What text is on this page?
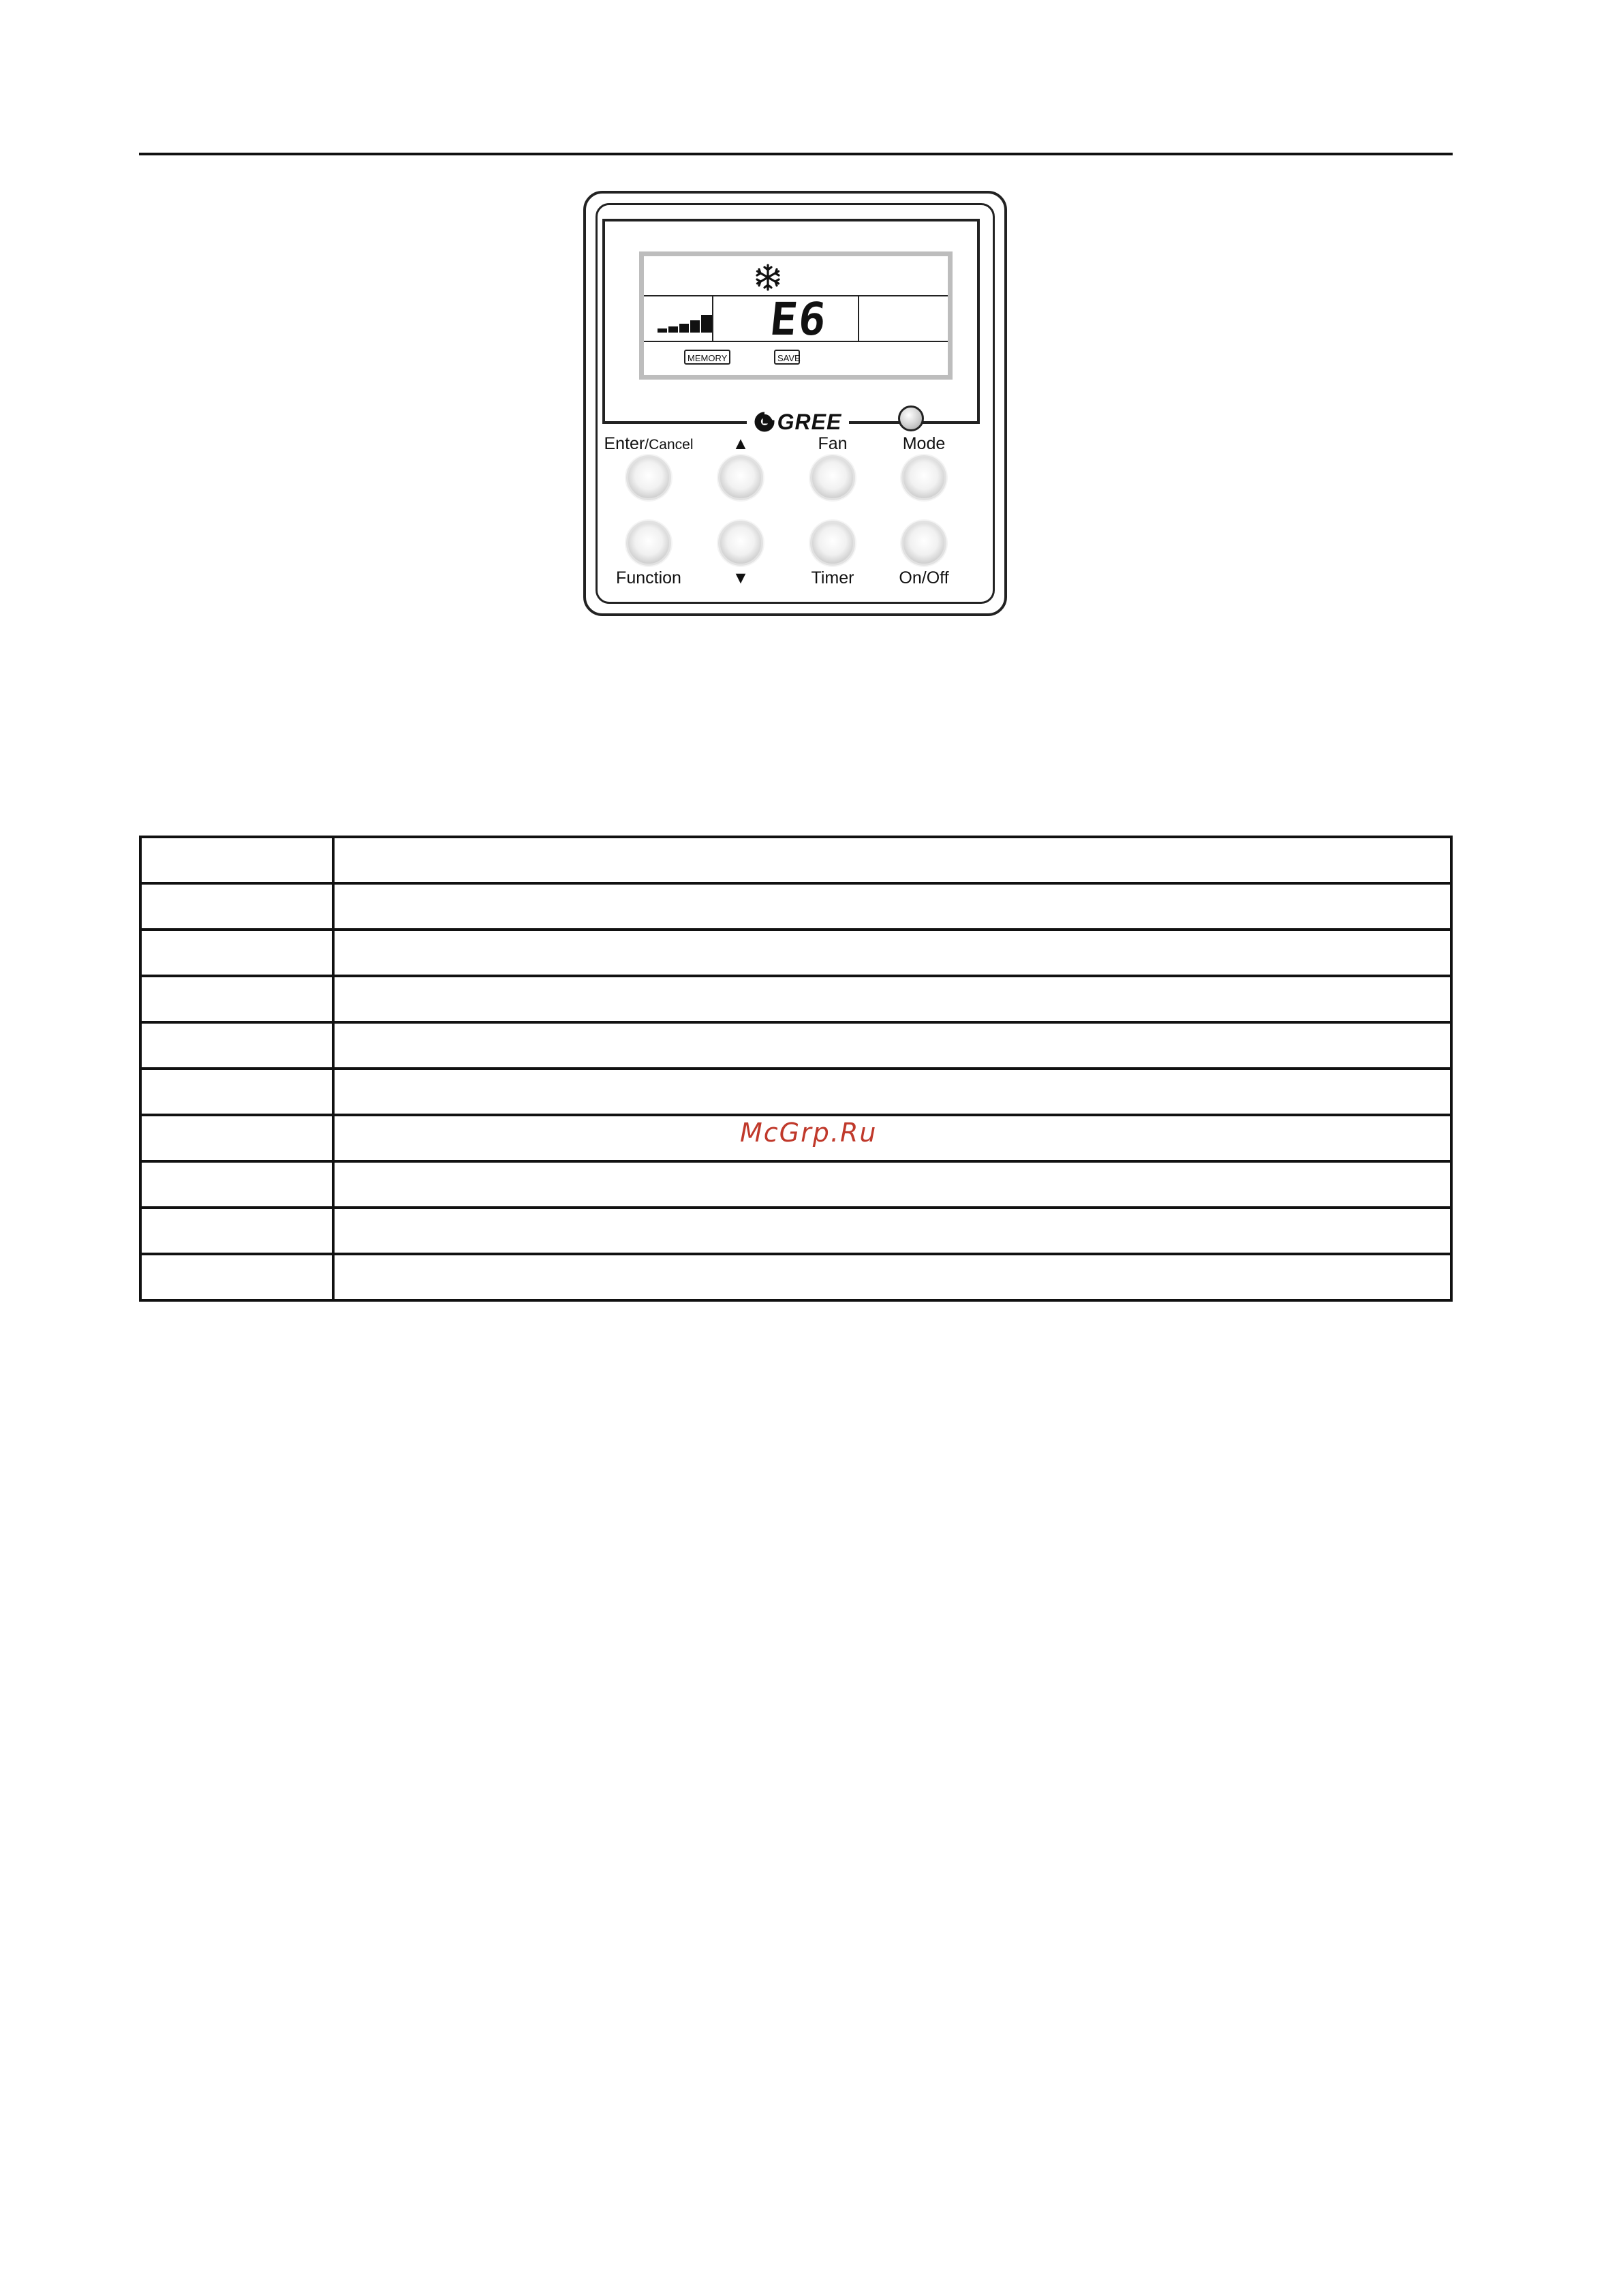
E6
MEMORY	SAVE
GREE
Enter/Cancel	▲	Fan	Mode
Function	▼	Timer	On/Off

McGrp.Ru
